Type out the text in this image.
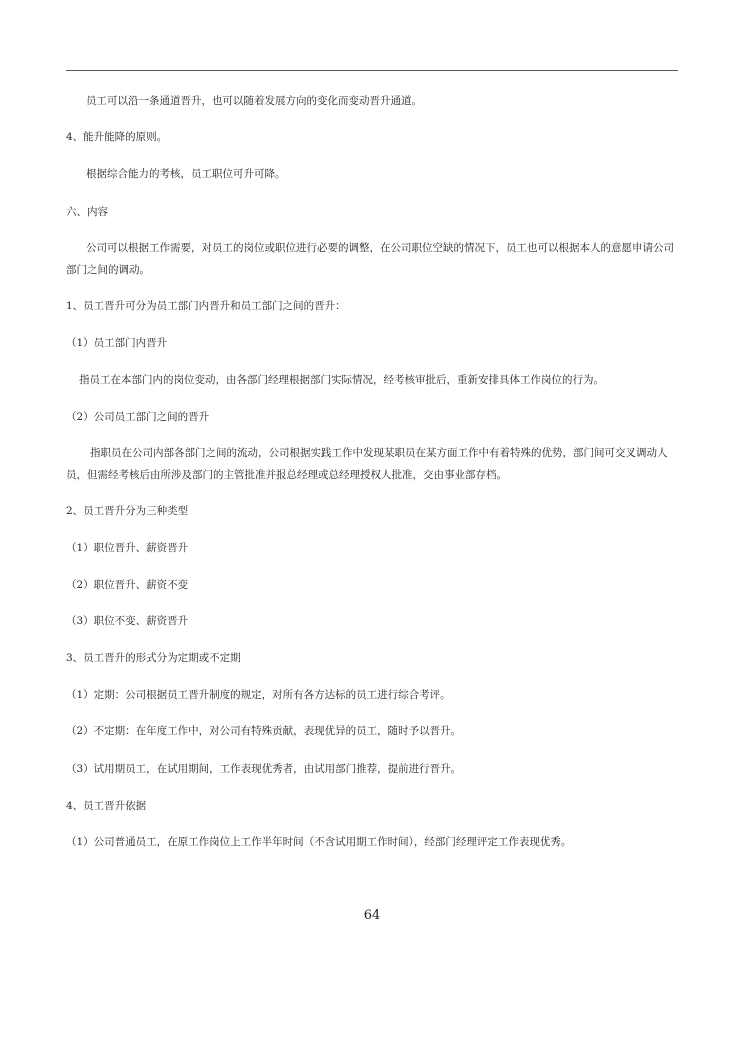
员工可以沿一条通道晋升，也可以随着发展方向的变化而变动晋升通道。

4、能升能降的原则。

根据综合能力的考核，员工职位可升可降。

六、内容

公司可以根据工作需要，对员工的岗位或职位进行必要的调整，在公司职位空缺的情况下，员工也可以根据本人的意愿申请公司部门之间的调动。

1、员工晋升可分为员工部门内晋升和员工部门之间的晋升：

（1）员工部门内晋升

指员工在本部门内的岗位变动，由各部门经理根据部门实际情况，经考核审批后，重新安排具体工作岗位的行为。

（2）公司员工部门之间的晋升

指职员在公司内部各部门之间的流动，公司根据实践工作中发现某职员在某方面工作中有着特殊的优势，部门间可交叉调动人员，但需经考核后由所涉及部门的主管批准并报总经理或总经理授权人批准，交由事业部存档。

2、员工晋升分为三种类型

（1）职位晋升、薪资晋升

（2）职位晋升、薪资不变

（3）职位不变、薪资晋升

3、员工晋升的形式分为定期或不定期

（1）定期：公司根据员工晋升制度的规定，对所有各方达标的员工进行综合考评。

（2）不定期：在年度工作中，对公司有特殊贡献，表现优异的员工，随时予以晋升。

（3）试用期员工，在试用期间，工作表现优秀者，由试用部门推荐，提前进行晋升。

4、员工晋升依据

（1）公司普通员工，在原工作岗位上工作半年时间（不含试用期工作时间），经部门经理评定工作表现优秀。

64
